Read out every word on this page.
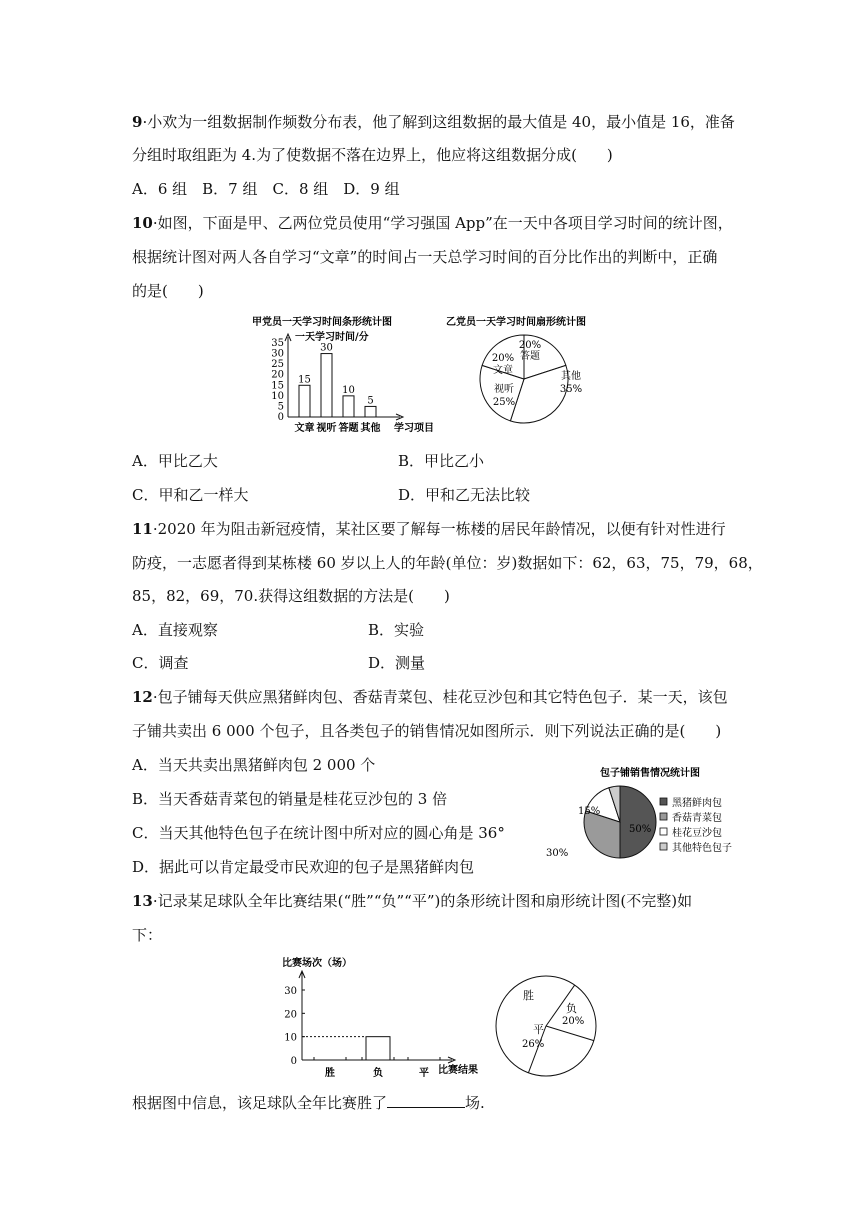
9·小欢为一组数据制作频数分布表，他了解到这组数据的最大值是 40，最小值是 16，准备
分组时取组距为 4.为了使数据不落在边界上，他应将这组数据分成(　　)
A．6 组　B．7 组　C．8 组　D．9 组
10·如图，下面是甲、乙两位党员使用“学习强国 App”在一天中各项目学习时间的统计图，
根据统计图对两人各自学习“文章”的时间占一天总学习时间的百分比作出的判断中，正确
的是(　　)
甲党员一天学习时间条形统计图
一天学习时间/分
0
5
10
15
20
25
30
35
15
30
10
5
文章 视听 答题 其他 学习项目
乙党员一天学习时间扇形统计图
20%
答题
其他
35%
视听
25%
20%
文章
A．甲比乙大	B．甲比乙小
C．甲和乙一样大	D．甲和乙无法比较
11·2020 年为阻击新冠疫情，某社区要了解每一栋楼的居民年龄情况，以便有针对性进行
防疫，一志愿者得到某栋楼 60 岁以上人的年龄(单位：岁)数据如下：62，63，75，79，68，
85，82，69，70.获得这组数据的方法是(　　)
A．直接观察	B．实验
C．调查	D．测量
12·包子铺每天供应黑猪鲜肉包、香菇青菜包、桂花豆沙包和其它特色包子．某一天，该包
子铺共卖出 6 000 个包子，且各类包子的销售情况如图所示．则下列说法正确的是(　　)
A．当天共卖出黑猪鲜肉包 2 000 个
B．当天香菇青菜包的销量是桂花豆沙包的 3 倍
C．当天其他特色包子在统计图中所对应的圆心角是 36°
D．据此可以肯定最受市民欢迎的包子是黑猪鲜肉包
包子铺销售情况统计图
15%
50%
30%
黑猪鲜肉包
香菇青菜包
桂花豆沙包
其他特色包子
13·记录某足球队全年比赛结果(“胜”“负”“平”)的条形统计图和扇形统计图(不完整)如
下：
比赛场次（场）
0
10
20
30
胜	负	平 比赛结果
胜
负
20%
平
26%
根据图中信息，该足球队全年比赛胜了	场.
